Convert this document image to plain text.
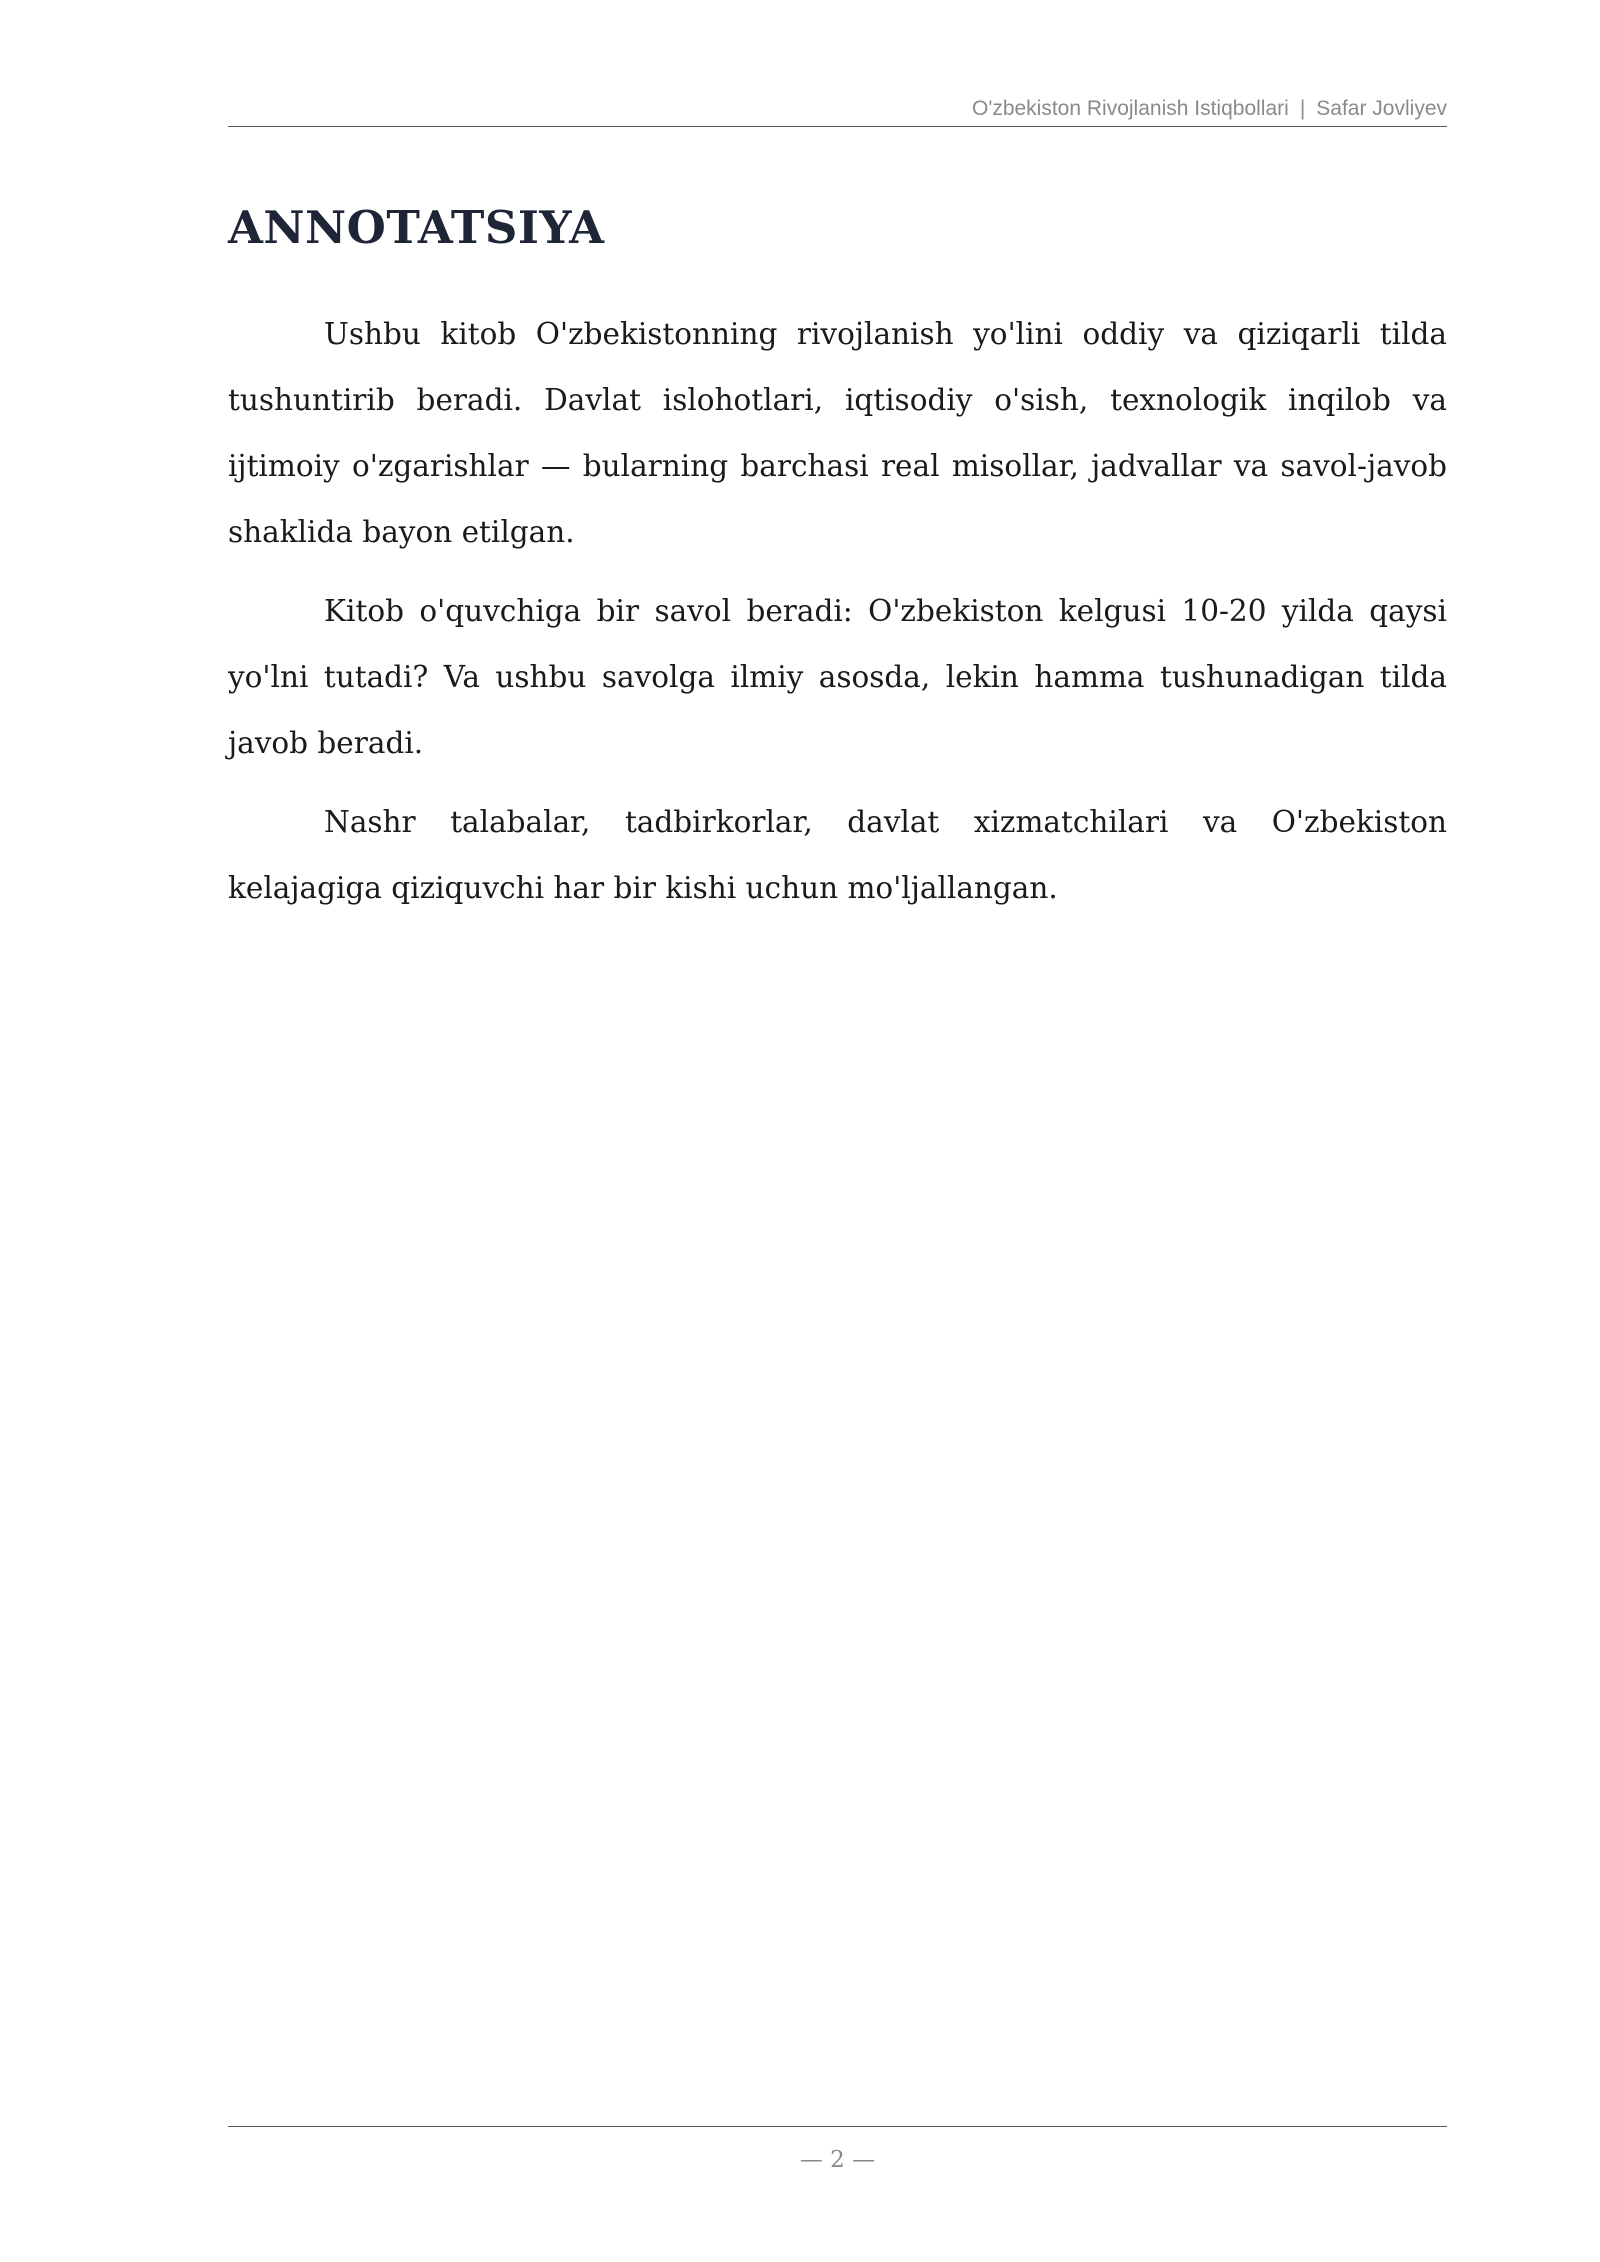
O'zbekiston Rivojlanish Istiqbollari | Safar Jovliyev
ANNOTATSIYA

Ushbu kitob O'zbekistonning rivojlanish yo'lini oddiy va qiziqarli tilda tushuntirib beradi. Davlat islohotlari, iqtisodiy o'sish, texnologik inqilob va ijtimoiy o'zgarishlar — bularning barchasi real misollar, jadvallar va savol-javob shaklida bayon etilgan.

Kitob o'quvchiga bir savol beradi: O'zbekiston kelgusi 10-20 yilda qaysi yo'lni tutadi? Va ushbu savolga ilmiy asosda, lekin hamma tushunadigan tilda javob beradi.

Nashr talabalar, tadbirkorlar, davlat xizmatchilari va O'zbekiston kelajagiga qiziquvchi har bir kishi uchun mo'ljallangan.

— 2 —
